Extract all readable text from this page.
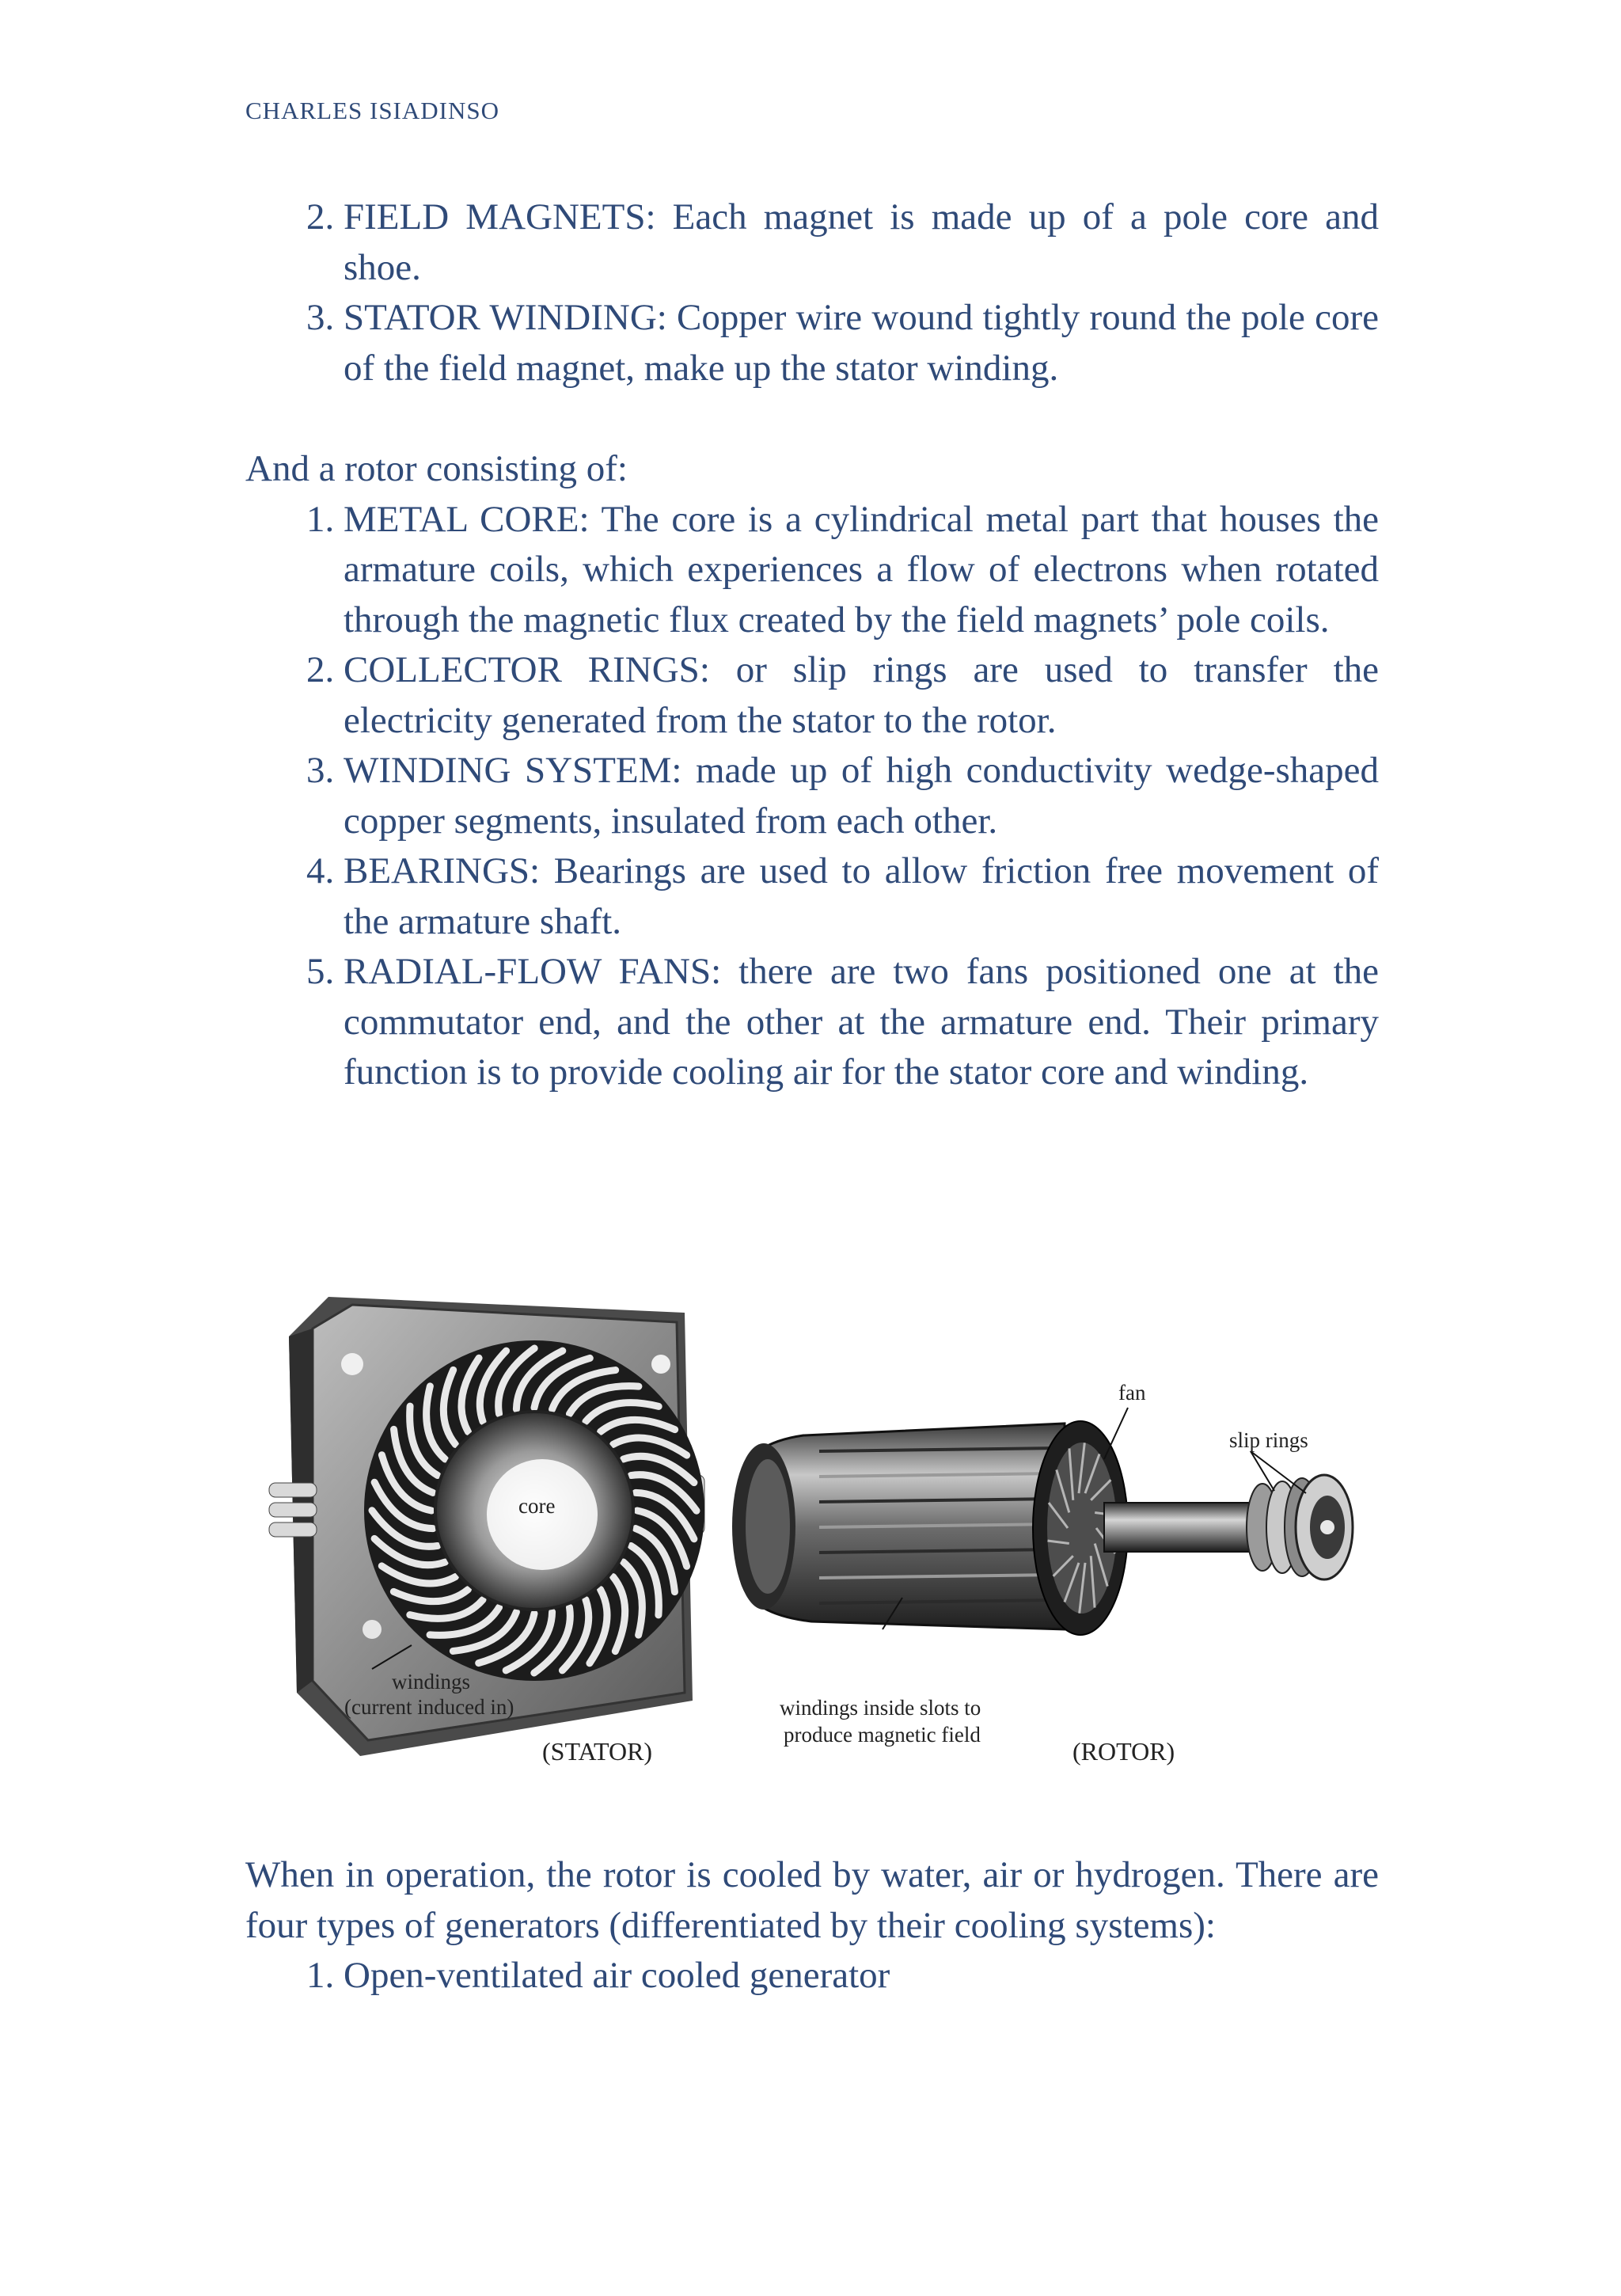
CHARLES ISIADINSO
2. FIELD MAGNETS: Each magnet is made up of a pole core and shoe.
3. STATOR WINDING: Copper wire wound tightly round the pole core of the field magnet, make up the stator winding.

And a rotor consisting of:

1. METAL CORE: The core is a cylindrical metal part that houses the armature coils, which experiences a flow of electrons when rotated through the magnetic flux created by the field magnets’ pole coils.
2. COLLECTOR RINGS: or slip rings are used to transfer the electricity generated from the stator to the rotor.
3. WINDING SYSTEM: made up of high conductivity wedge-shaped copper segments, insulated from each other.
4. BEARINGS: Bearings are used to allow friction free movement of the armature shaft.
5. RADIAL-FLOW FANS: there are two fans positioned one at the commutator end, and the other at the armature end. Their primary function is to provide cooling air for the stator core and winding.
core
windings
(current induced in)
(STATOR)
windings inside slots to
produce magnetic field
(ROTOR)
fan
slip rings

When in operation, the rotor is cooled by water, air or hydrogen. There are four types of generators (differentiated by their cooling systems):

1. Open-ventilated air cooled generator
